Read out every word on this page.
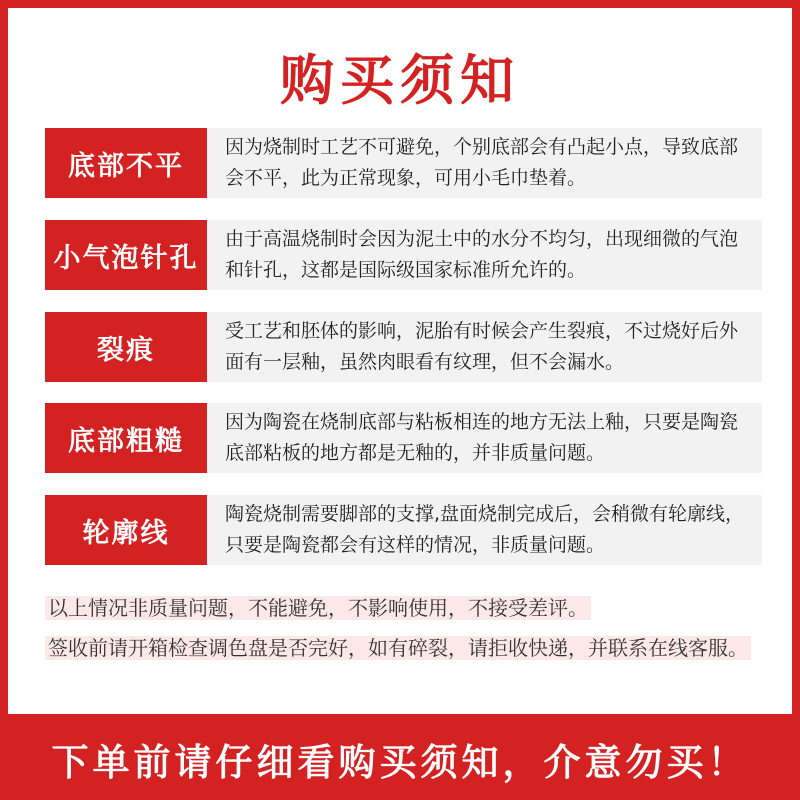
购买须知
底部不平
因为烧制时工艺不可避免，个别底部会有凸起小点，导致底部会不平，此为正常现象，可用小毛巾垫着。
小气泡针孔
由于高温烧制时会因为泥土中的水分不均匀，出现细微的气泡和针孔，这都是国际级国家标准所允许的。
裂痕
受工艺和胚体的影响，泥胎有时候会产生裂痕，不过烧好后外面有一层釉，虽然肉眼看有纹理，但不会漏水。
底部粗糙
因为陶瓷在烧制底部与粘板相连的地方无法上釉，只要是陶瓷底部粘板的地方都是无釉的，并非质量问题。
轮廓线
陶瓷烧制需要脚部的支撑,盘面烧制完成后，会稍微有轮廓线，只要是陶瓷都会有这样的情况，非质量问题。
以上情况非质量问题，不能避免，不影响使用，不接受差评。
签收前请开箱检查调色盘是否完好，如有碎裂，请拒收快递，并联系在线客服。
下单前请仔细看购买须知，介意勿买！
